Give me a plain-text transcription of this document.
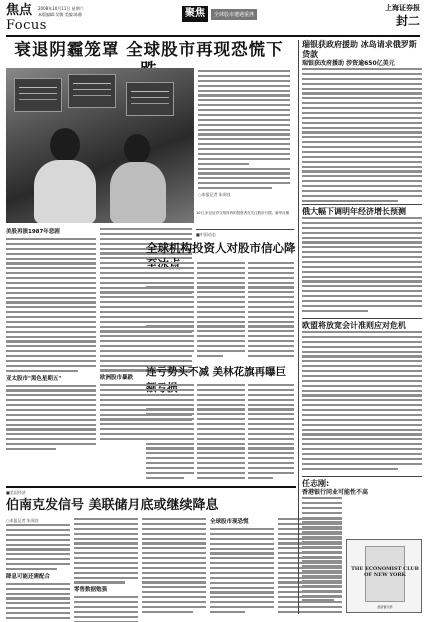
焦点
Focus
2008年10月11日 星期六
本版编辑:吴敏 美编:陈静	聚焦	全球股市遭遇重挫
上海证券报
封二
衰退阴霾笼罩 全球股市再现恐慌下
○本报记者 朱周良
10日,东京证券交易所内的投资者在关注股市行情。新华社图
美股再演1987年悲剧
亚太股市"黑色星期五"	欧洲股市暴跌
■中国动态
全球机构投资人对股市信心降
连亏势头不减 美林花旗再曝巨
■美国经济
伯南克发信号 美联储月底或继续降息
○本报记者 朱周良
降息可能还需配合
零售数据勉强
全球股市现恐慌
THE ECONOMIST CLUB OF NEW YORK
经济俱乐部
瑞银获政府援助 冰岛请求俄罗斯贷款
瑞银获改府援助 涉资逾650亿美元
俄大幅下调明年经济增长预测
欧盟将放宽会计准则应对危机
任志刚:
香港银行同业可能性不高
